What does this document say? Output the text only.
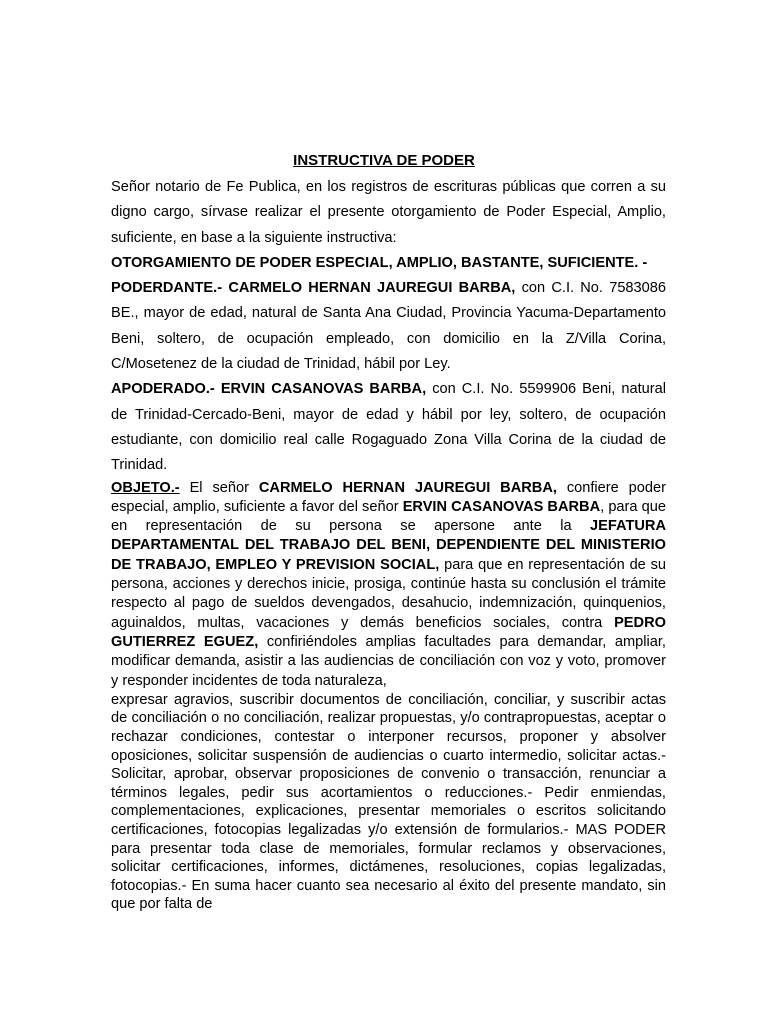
INSTRUCTIVA DE PODER

Señor notario de Fe Publica, en los registros de escrituras públicas que corren a su digno cargo, sírvase realizar el presente otorgamiento de Poder Especial, Amplio, suficiente, en base a la siguiente instructiva:

OTORGAMIENTO DE PODER ESPECIAL, AMPLIO, BASTANTE, SUFICIENTE. -

PODERDANTE.- CARMELO HERNAN JAUREGUI BARBA, con C.I. No. 7583086 BE., mayor de edad, natural de Santa Ana Ciudad, Provincia Yacuma-Departamento Beni, soltero, de ocupación empleado, con domicilio en la Z/Villa Corina, C/Mosetenez de la ciudad de Trinidad, hábil por Ley.

APODERADO.- ERVIN CASANOVAS BARBA, con C.I. No. 5599906 Beni, natural de Trinidad-Cercado-Beni, mayor de edad y hábil por ley, soltero, de ocupación estudiante, con domicilio real calle Rogaguado Zona Villa Corina de la ciudad de Trinidad.

OBJETO.- El señor CARMELO HERNAN JAUREGUI BARBA, confiere poder especial, amplio, suficiente a favor del señor ERVIN CASANOVAS BARBA, para que en representación de su persona se apersone ante la JEFATURA DEPARTAMENTAL DEL TRABAJO DEL BENI, DEPENDIENTE DEL MINISTERIO DE TRABAJO, EMPLEO Y PREVISION SOCIAL, para que en representación de su persona, acciones y derechos inicie, prosiga, continúe hasta su conclusión el trámite respecto al pago de sueldos devengados, desahucio, indemnización, quinquenios, aguinaldos, multas, vacaciones y demás beneficios sociales, contra PEDRO GUTIERREZ EGUEZ, confiriéndoles amplias facultades para demandar, ampliar, modificar demanda, asistir a las audiencias de conciliación con voz y voto, promover y responder incidentes de toda naturaleza,

expresar agravios, suscribir documentos de conciliación, conciliar, y suscribir actas de conciliación o no conciliación, realizar propuestas, y/o contrapropuestas, aceptar o rechazar condiciones, contestar o interponer recursos, proponer y absolver oposiciones, solicitar suspensión de audiencias o cuarto intermedio, solicitar actas.- Solicitar, aprobar, observar proposiciones de convenio o transacción, renunciar a términos legales, pedir sus acortamientos o reducciones.- Pedir enmiendas, complementaciones, explicaciones, presentar memoriales o escritos solicitando certificaciones, fotocopias legalizadas y/o extensión de formularios.- MAS PODER para presentar toda clase de memoriales, formular reclamos y observaciones, solicitar certificaciones, informes, dictámenes, resoluciones, copias legalizadas, fotocopias.- En suma hacer cuanto sea necesario al éxito del presente mandato, sin que por falta de
